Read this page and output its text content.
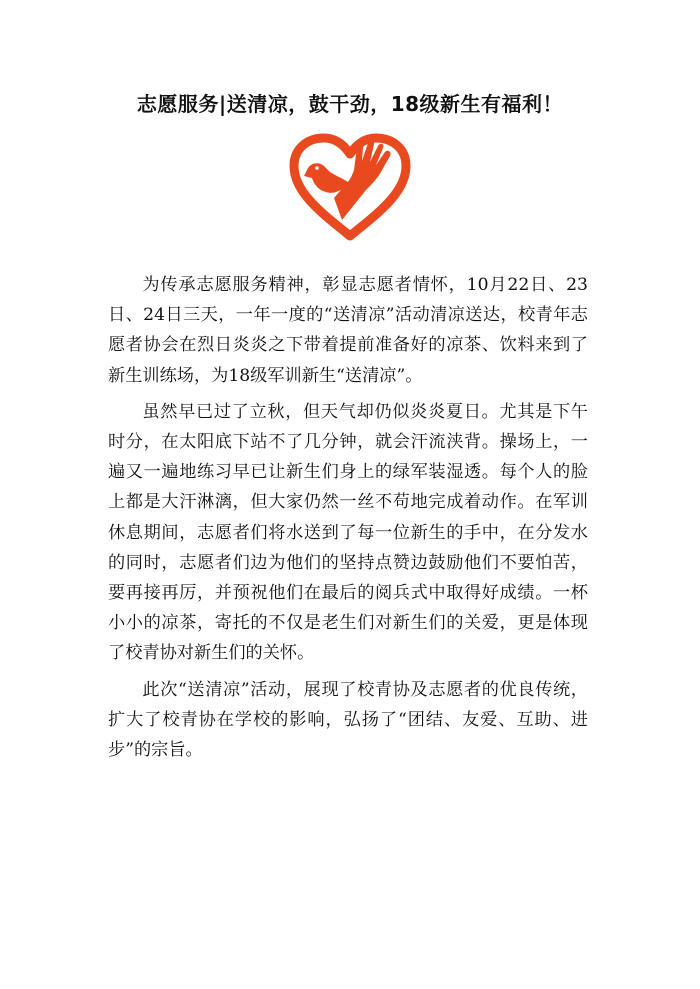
志愿服务|送清凉，鼓干劲，18级新生有福利！

为传承志愿服务精神，彰显志愿者情怀，10月22日、23日、24日三天，一年一度的“送清凉”活动清凉送达，校青年志愿者协会在烈日炎炎之下带着提前准备好的凉茶、饮料来到了新生训练场，为18级军训新生“送清凉”。

虽然早已过了立秋，但天气却仍似炎炎夏日。尤其是下午时分，在太阳底下站不了几分钟，就会汗流浃背。操场上，一遍又一遍地练习早已让新生们身上的绿军装湿透。每个人的脸上都是大汗淋漓，但大家仍然一丝不苟地完成着动作。在军训休息期间，志愿者们将水送到了每一位新生的手中，在分发水的同时，志愿者们边为他们的坚持点赞边鼓励他们不要怕苦，要再接再厉，并预祝他们在最后的阅兵式中取得好成绩。一杯小小的凉茶，寄托的不仅是老生们对新生们的关爱，更是体现了校青协对新生们的关怀。

此次“送清凉”活动，展现了校青协及志愿者的优良传统，扩大了校青协在学校的影响，弘扬了“团结、友爱、互助、进步”的宗旨。
